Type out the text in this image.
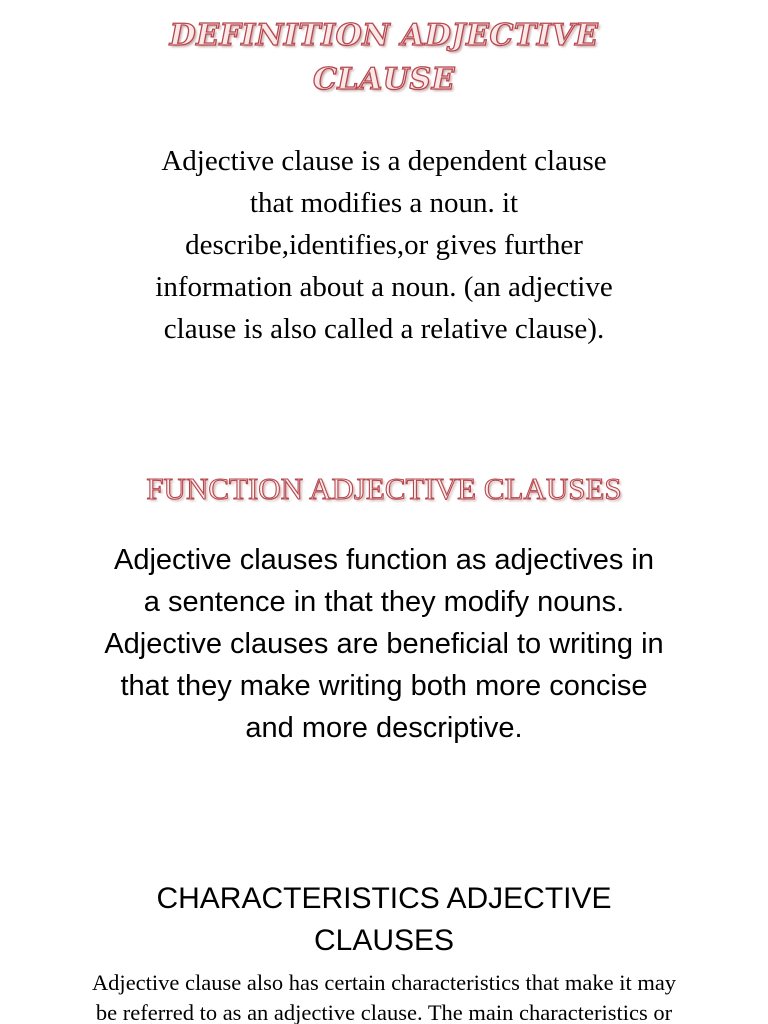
DEFINITION ADJECTIVE
CLAUSE
Adjective clause is a dependent clause
that modifies a noun. it
describe,identifies,or gives further
information about a noun. (an adjective
clause is also called a relative clause).
FUNCTION ADJECTIVE CLAUSES
Adjective clauses function as adjectives in
a sentence in that they modify nouns.
Adjective clauses are beneficial to writing in
that they make writing both more concise
and more descriptive.
CHARACTERISTICS ADJECTIVE
CLAUSES
Adjective clause also has certain characteristics that make it may
be referred to as an adjective clause. The main characteristics or
